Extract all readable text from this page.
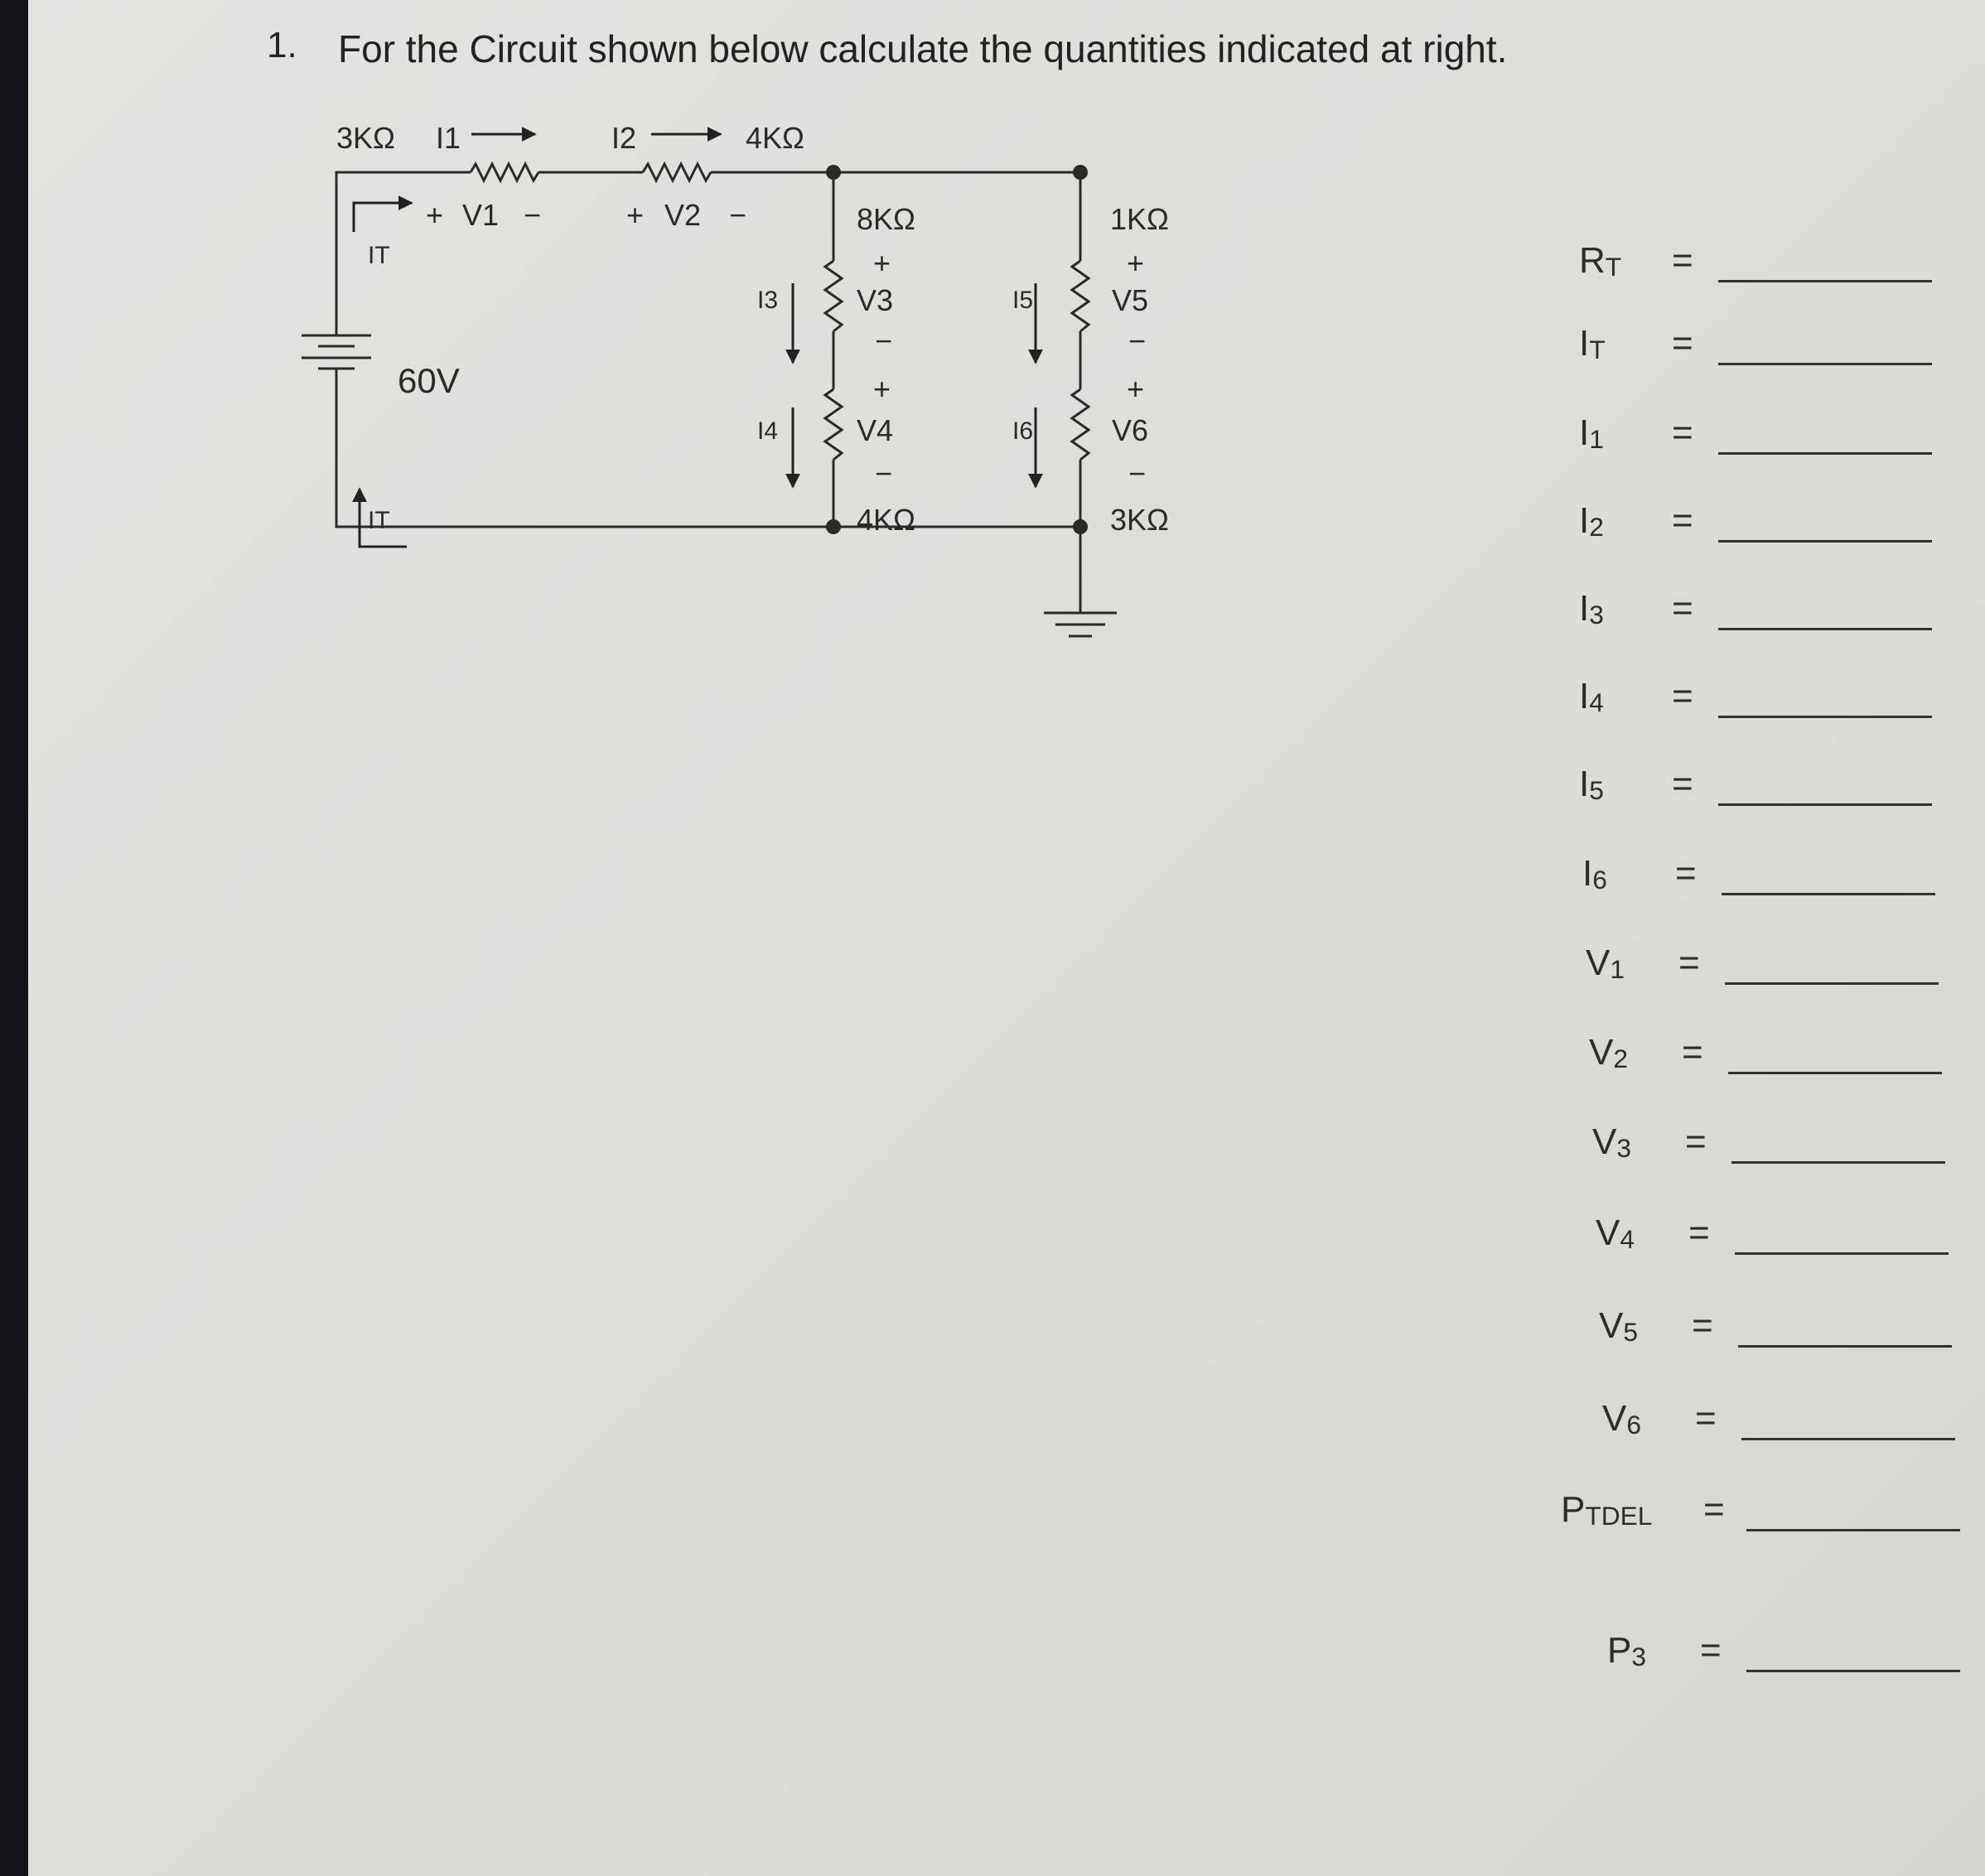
1. For the Circuit shown below calculate the quantities indicated at right.
3KΩ I1	I2	4KΩ
+ V1 −	+ V2 −
IT
IT
60V
8KΩ
+
V3
−
+
V4
−
4KΩ
I3
I4
1KΩ
+
V5
−
+
V6
−
3KΩ
I5
I6
RT =
IT =
I1 =
I2 =
I3 =
I4 =
I5 =
I6 =
V1 =
V2 =
V3 =
V4 =
V5 =
V6 =
PTDEL =
P3 =
